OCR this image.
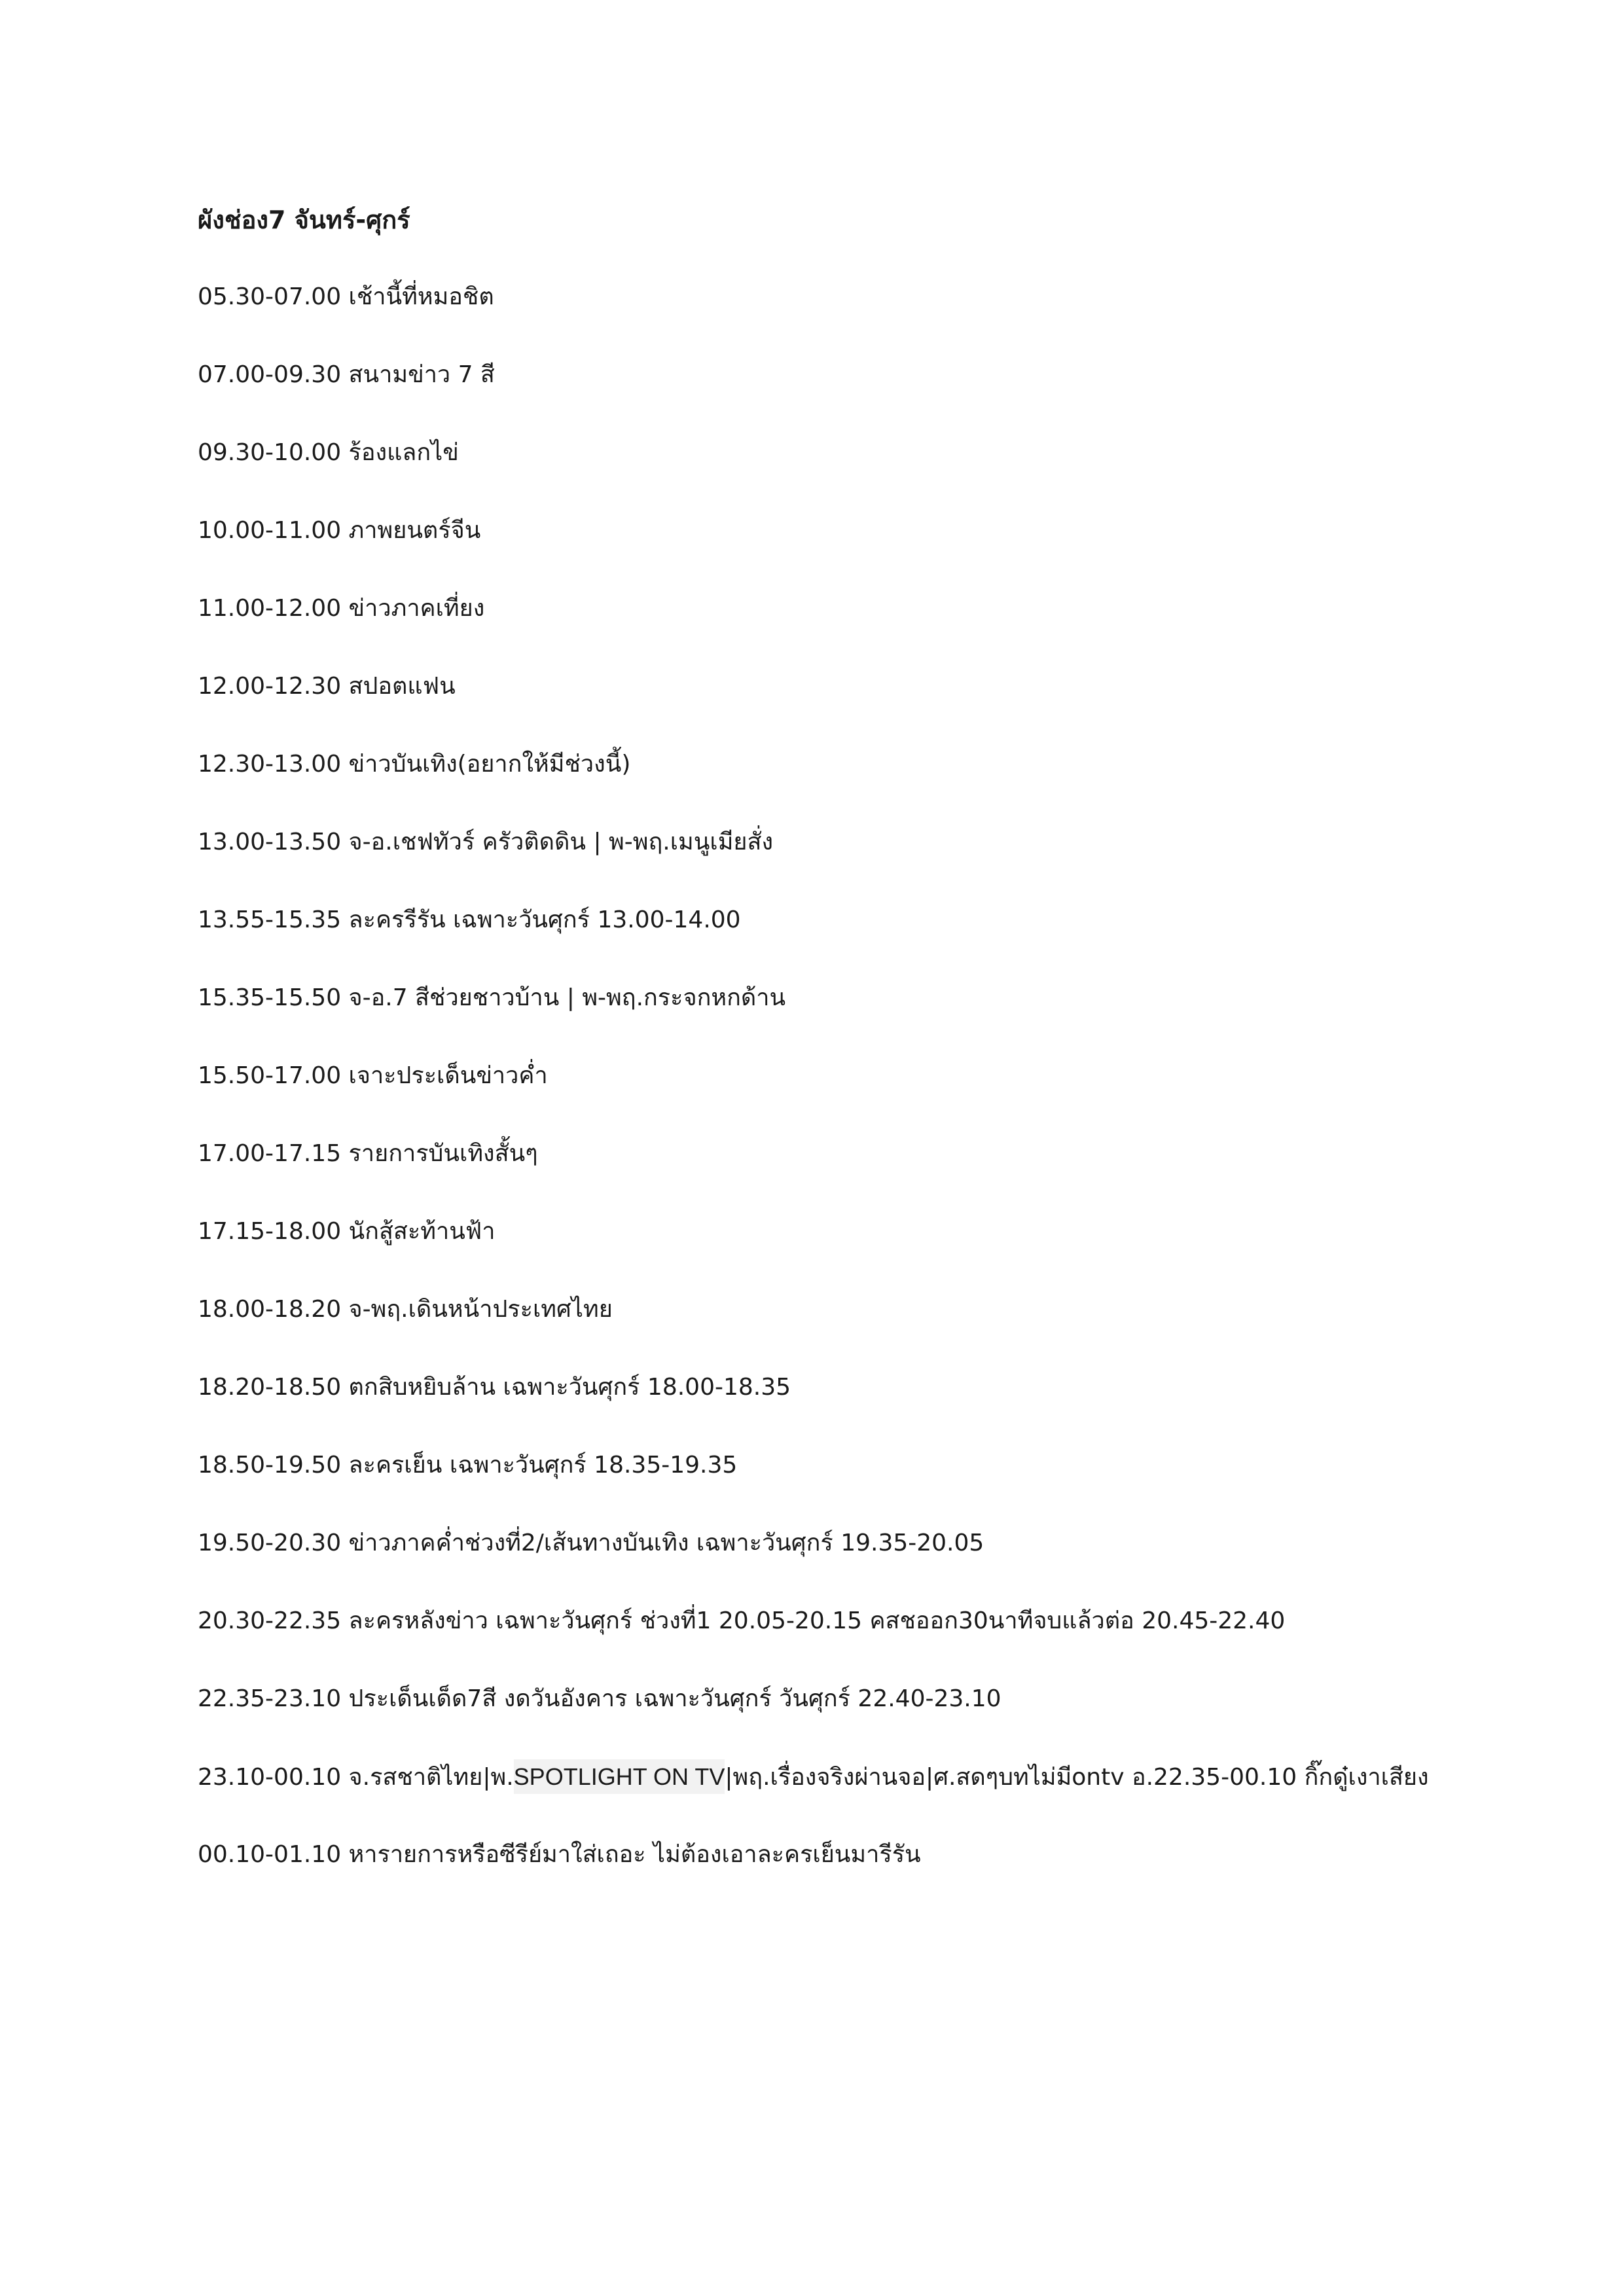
ผังช่อง7 จันทร์-ศุกร์
05.30-07.00 เช้านี้ที่หมอชิต
07.00-09.30 สนามข่าว 7 สี
09.30-10.00 ร้องแลกไข่
10.00-11.00 ภาพยนตร์จีน
11.00-12.00 ข่าวภาคเที่ยง
12.00-12.30 สปอตแฟน
12.30-13.00 ข่าวบันเทิง(อยากให้มีช่วงนี้)
13.00-13.50 จ-อ.เชฟทัวร์ ครัวติดดิน | พ-พฤ.เมนูเมียสั่ง
13.55-15.35 ละครรีรัน เฉพาะวันศุกร์ 13.00-14.00
15.35-15.50 จ-อ.7 สีช่วยชาวบ้าน | พ-พฤ.กระจกหกด้าน
15.50-17.00 เจาะประเด็นข่าวค่ำ
17.00-17.15 รายการบันเทิงสั้นๆ
17.15-18.00 นักสู้สะท้านฟ้า
18.00-18.20 จ-พฤ.เดินหน้าประเทศไทย
18.20-18.50 ตกสิบหยิบล้าน เฉพาะวันศุกร์ 18.00-18.35
18.50-19.50 ละครเย็น เฉพาะวันศุกร์ 18.35-19.35
19.50-20.30 ข่าวภาคค่ำช่วงที่2/เส้นทางบันเทิง เฉพาะวันศุกร์ 19.35-20.05
20.30-22.35 ละครหลังข่าว เฉพาะวันศุกร์ ช่วงที่1 20.05-20.15 คสชออก30นาทีจบแล้วต่อ 20.45-22.40
22.35-23.10 ประเด็นเด็ด7สี งดวันอังคาร เฉพาะวันศุกร์ วันศุกร์ 22.40-23.10
23.10-00.10 จ.รสชาติไทย|พ.SPOTLIGHT ON TV|พฤ.เรื่องจริงผ่านจอ|ศ.สดๆบทไม่มีontv อ.22.35-00.10 กิ๊กดู๋เงาเสียง
00.10-01.10 หารายการหรือซีรีย์มาใส่เถอะ ไม่ต้องเอาละครเย็นมารีรัน
